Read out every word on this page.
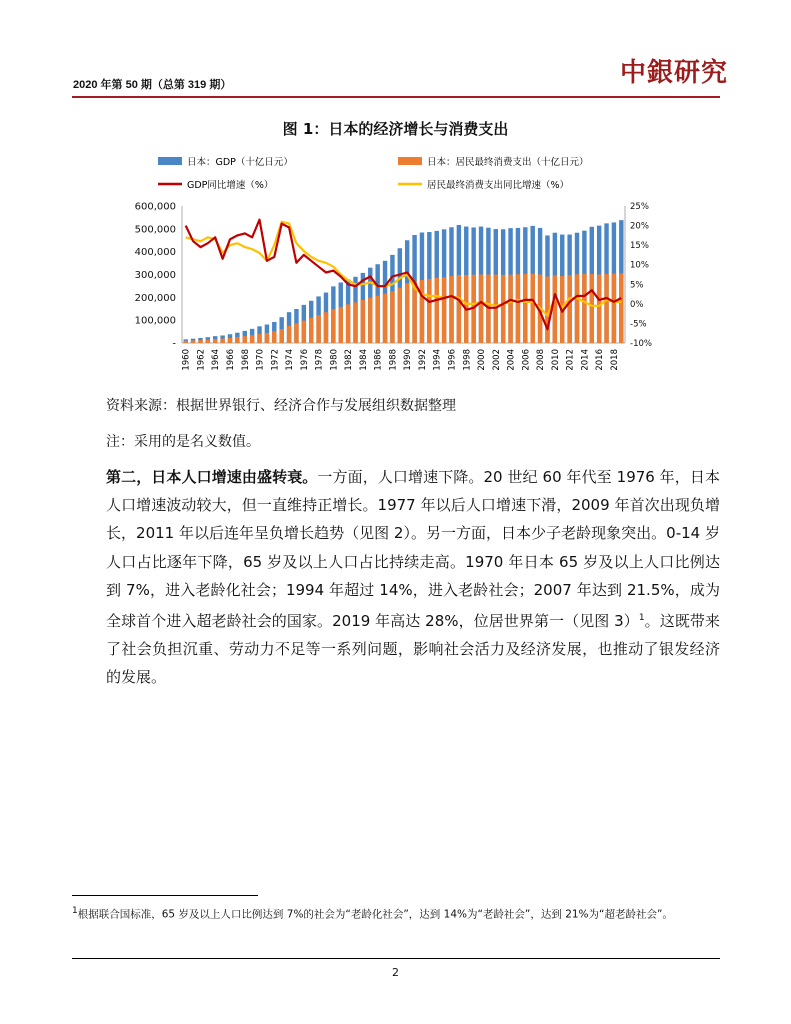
2020 年第 50 期（总第 319 期）	中銀研究
图 1：日本的经济增长与消费支出
日本：GDP（十亿日元）	日本：居民最终消费支出（十亿日元）
GDP同比增速（%）	居民最终消费支出同比增速（%）
-
100,000
200,000
300,000
400,000
500,000
600,000
-10%
-5%
0%
5%
10%
15%
20%
25%
1960 1962 1964 1966 1968 1970 1972 1974 1976 1978 1980 1982 1984 1986 1988 1990 1992 1994 1996 1998 2000 2002 2004 2006 2008 2010 2012 2014 2016 2018
资料来源：根据世界银行、经济合作与发展组织数据整理
注：采用的是名义数值。
第二，日本人口增速由盛转衰。一方面，人口增速下降。20 世纪 60 年代至 1976 年，日本人口增速波动较大，但一直维持正增长。1977 年以后人口增速下滑，2009 年首次出现负增长，2011 年以后连年呈负增长趋势（见图 2）。另一方面，日本少子老龄现象突出。0-14 岁人口占比逐年下降，65 岁及以上人口占比持续走高。1970 年日本 65 岁及以上人口比例达到 7%，进入老龄化社会；1994 年超过 14%，进入老龄社会；2007 年达到 21.5%，成为全球首个进入超老龄社会的国家。2019 年高达 28%，位居世界第一（见图 3）$^1$。这既带来了社会负担沉重、劳动力不足等一系列问题，影响社会活力及经济发展，也推动了银发经济的发展。
$^1$根据联合国标准，65 岁及以上人口比例达到 7%的社会为“老龄化社会”，达到 14%为“老龄社会”，达到 21%为“超老龄社会”。
2
